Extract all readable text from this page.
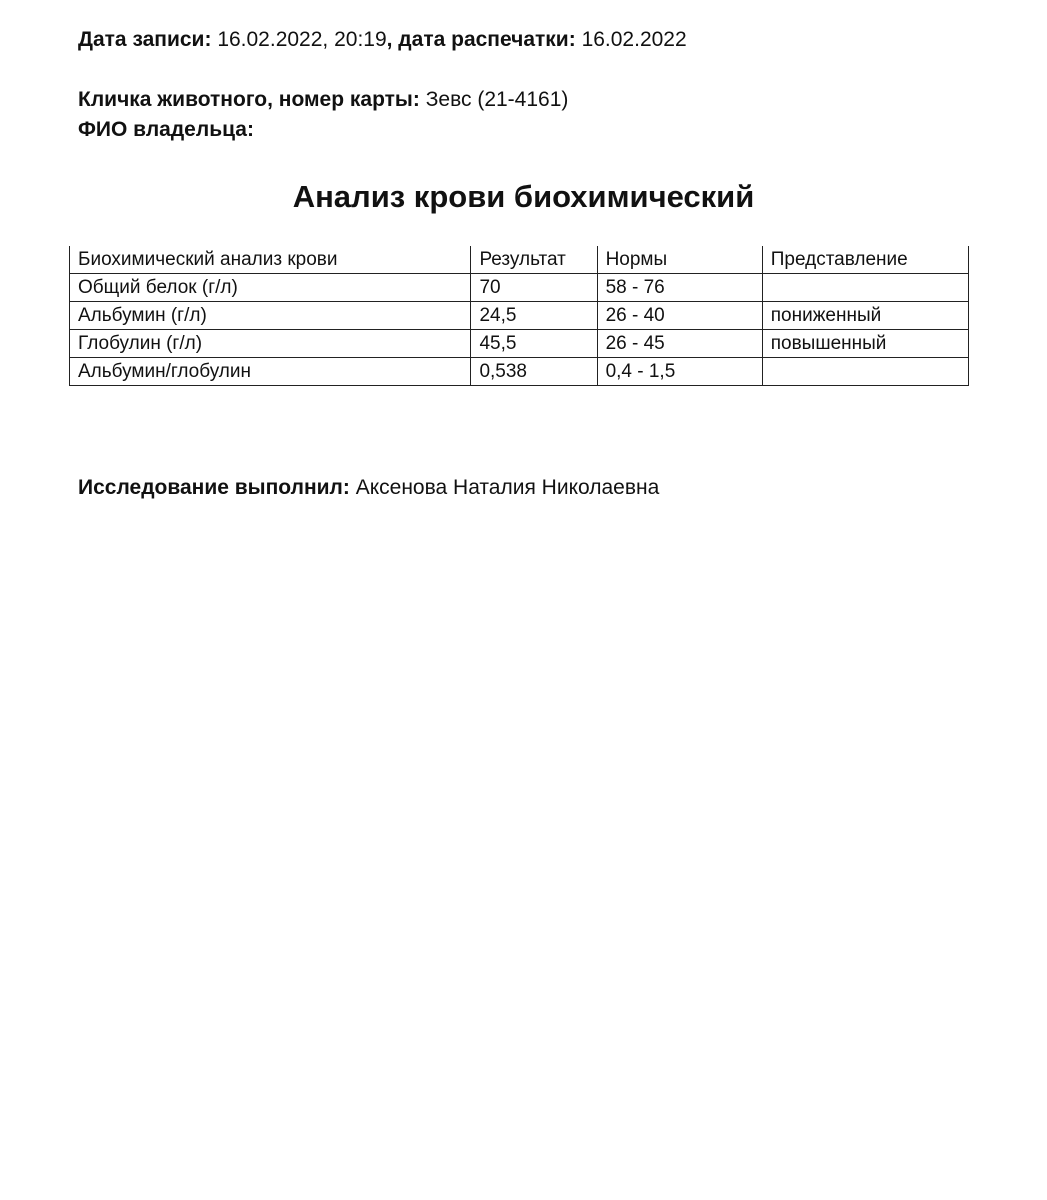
Дата записи: 16.02.2022, 20:19, дата распечатки: 16.02.2022
Кличка животного, номер карты: Зевс (21-4161)
ФИО владельца:
Анализ крови биохимический
Биохимический анализ крови	Результат	Нормы	Представление
Общий белок (г/л)	70	58 - 76	
Альбумин (г/л)	24,5	26 - 40	пониженный
Глобулин (г/л)	45,5	26 - 45	повышенный
Альбумин/глобулин	0,538	0,4 - 1,5	
Исследование выполнил: Аксенова Наталия Николаевна
